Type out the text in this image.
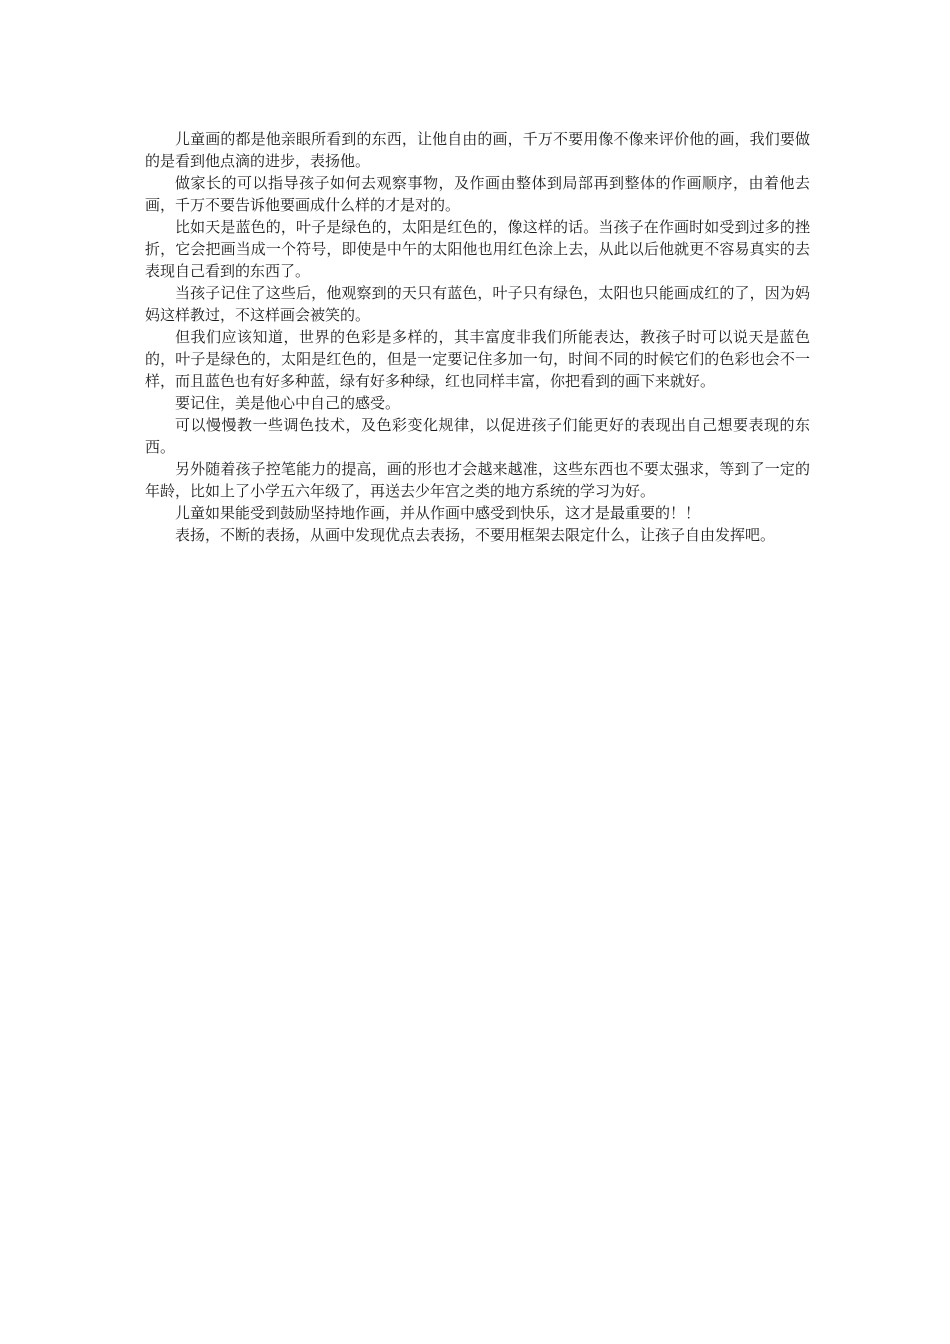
儿童画的都是他亲眼所看到的东西，让他自由的画，千万不要用像不像来评价他的画，我们要做的是看到他点滴的进步，表扬他。

做家长的可以指导孩子如何去观察事物，及作画由整体到局部再到整体的作画顺序，由着他去画，千万不要告诉他要画成什么样的才是对的。

比如天是蓝色的，叶子是绿色的，太阳是红色的，像这样的话。当孩子在作画时如受到过多的挫折，它会把画当成一个符号，即使是中午的太阳他也用红色涂上去，从此以后他就更不容易真实的去表现自己看到的东西了。

当孩子记住了这些后，他观察到的天只有蓝色，叶子只有绿色，太阳也只能画成红的了，因为妈妈这样教过，不这样画会被笑的。

但我们应该知道，世界的色彩是多样的，其丰富度非我们所能表达，教孩子时可以说天是蓝色的，叶子是绿色的，太阳是红色的，但是一定要记住多加一句，时间不同的时候它们的色彩也会不一样，而且蓝色也有好多种蓝，绿有好多种绿，红也同样丰富，你把看到的画下来就好。

要记住，美是他心中自己的感受。

可以慢慢教一些调色技术，及色彩变化规律，以促进孩子们能更好的表现出自己想要表现的东西。

另外随着孩子控笔能力的提高，画的形也才会越来越准，这些东西也不要太强求，等到了一定的年龄，比如上了小学五六年级了，再送去少年宫之类的地方系统的学习为好。

儿童如果能受到鼓励坚持地作画，并从作画中感受到快乐，这才是最重要的！！

表扬，不断的表扬，从画中发现优点去表扬，不要用框架去限定什么，让孩子自由发挥吧。
